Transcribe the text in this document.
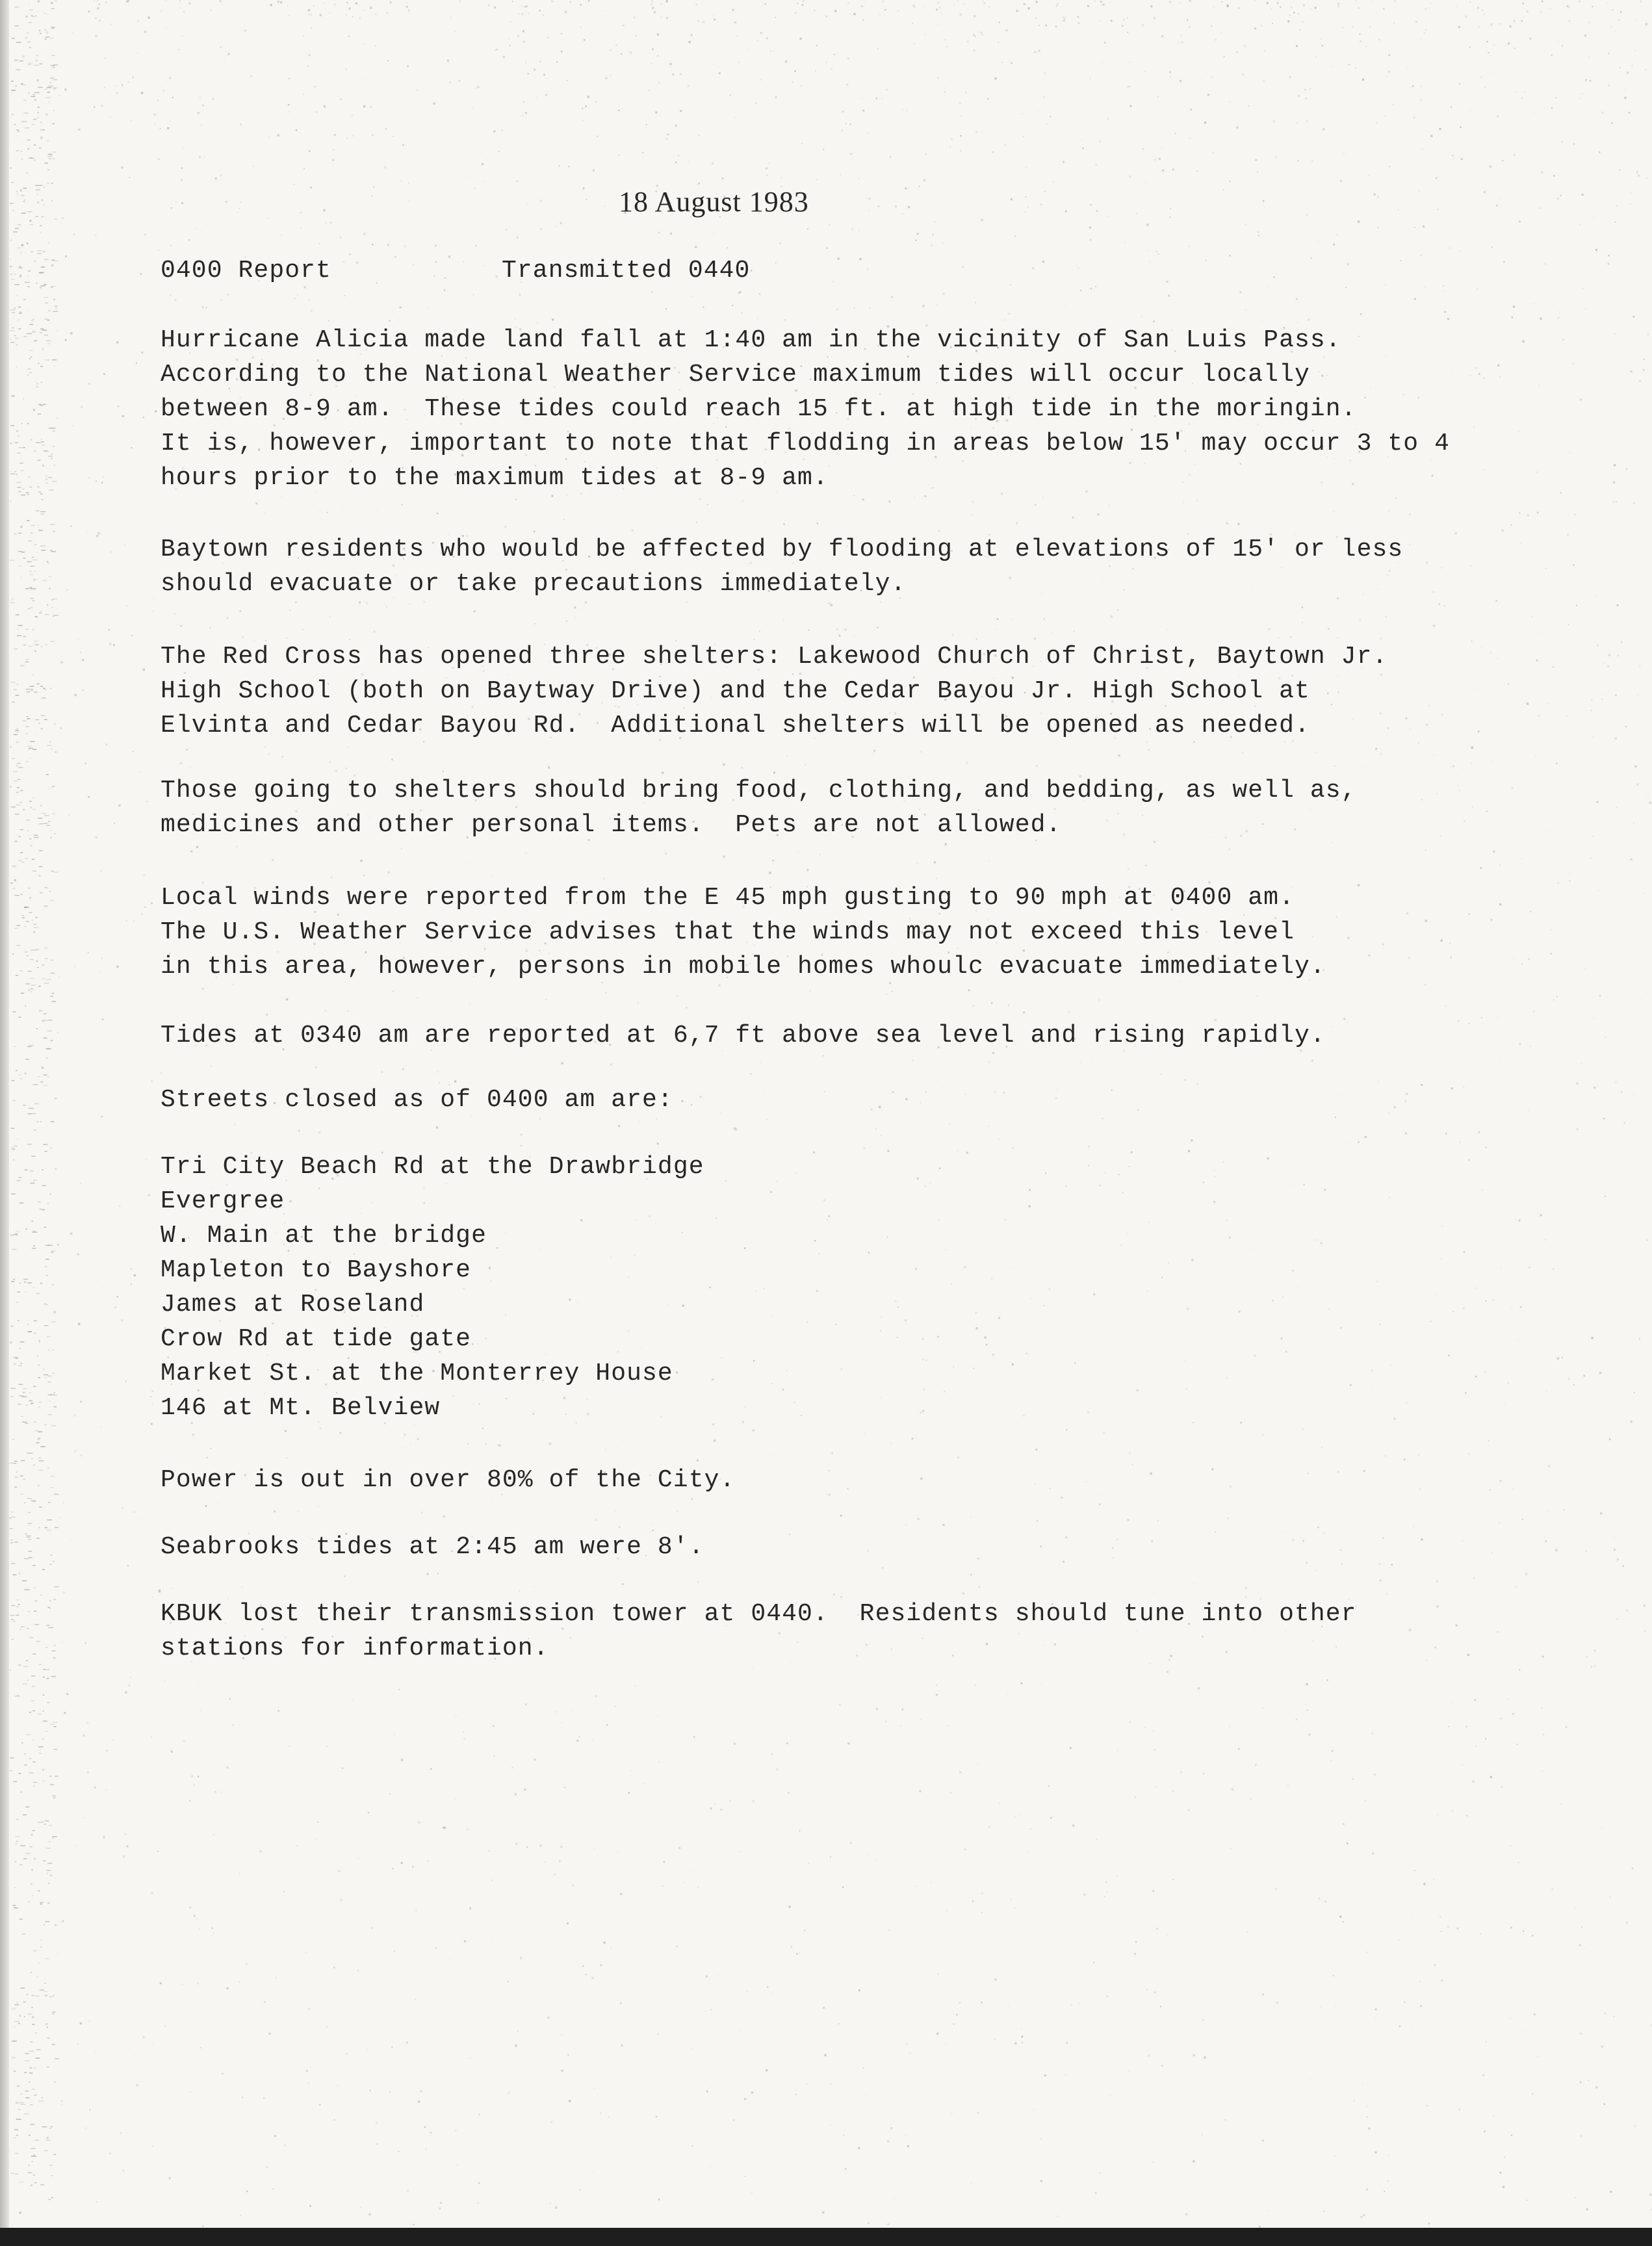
18 August 1983
0400 Report	Transmitted 0440
Hurricane Alicia made land fall at 1:40 am in the vicinity of San Luis Pass.
According to the National Weather Service maximum tides will occur locally
between 8-9 am.  These tides could reach 15 ft. at high tide in the moringin.
It is, however, important to note that flodding in areas below 15' may occur 3 to 4
hours prior to the maximum tides at 8-9 am.
Baytown residents who would be affected by flooding at elevations of 15' or less
should evacuate or take precautions immediately.
The Red Cross has opened three shelters: Lakewood Church of Christ, Baytown Jr.
High School (both on Baytway Drive) and the Cedar Bayou Jr. High School at
Elvinta and Cedar Bayou Rd.  Additional shelters will be opened as needed.
Those going to shelters should bring food, clothing, and bedding, as well as,
medicines and other personal items.  Pets are not allowed.
Local winds were reported from the E 45 mph gusting to 90 mph at 0400 am.
The U.S. Weather Service advises that the winds may not exceed this level
in this area, however, persons in mobile homes whoulc evacuate immediately.
Tides at 0340 am are reported at 6,7 ft above sea level and rising rapidly.
Streets closed as of 0400 am are:
Tri City Beach Rd at the Drawbridge
Evergree
W. Main at the bridge
Mapleton to Bayshore
James at Roseland
Crow Rd at tide gate
Market St. at the Monterrey House
146 at Mt. Belview
Power is out in over 80% of the City.
Seabrooks tides at 2:45 am were 8'.
KBUK lost their transmission tower at 0440.  Residents should tune into other
stations for information.
